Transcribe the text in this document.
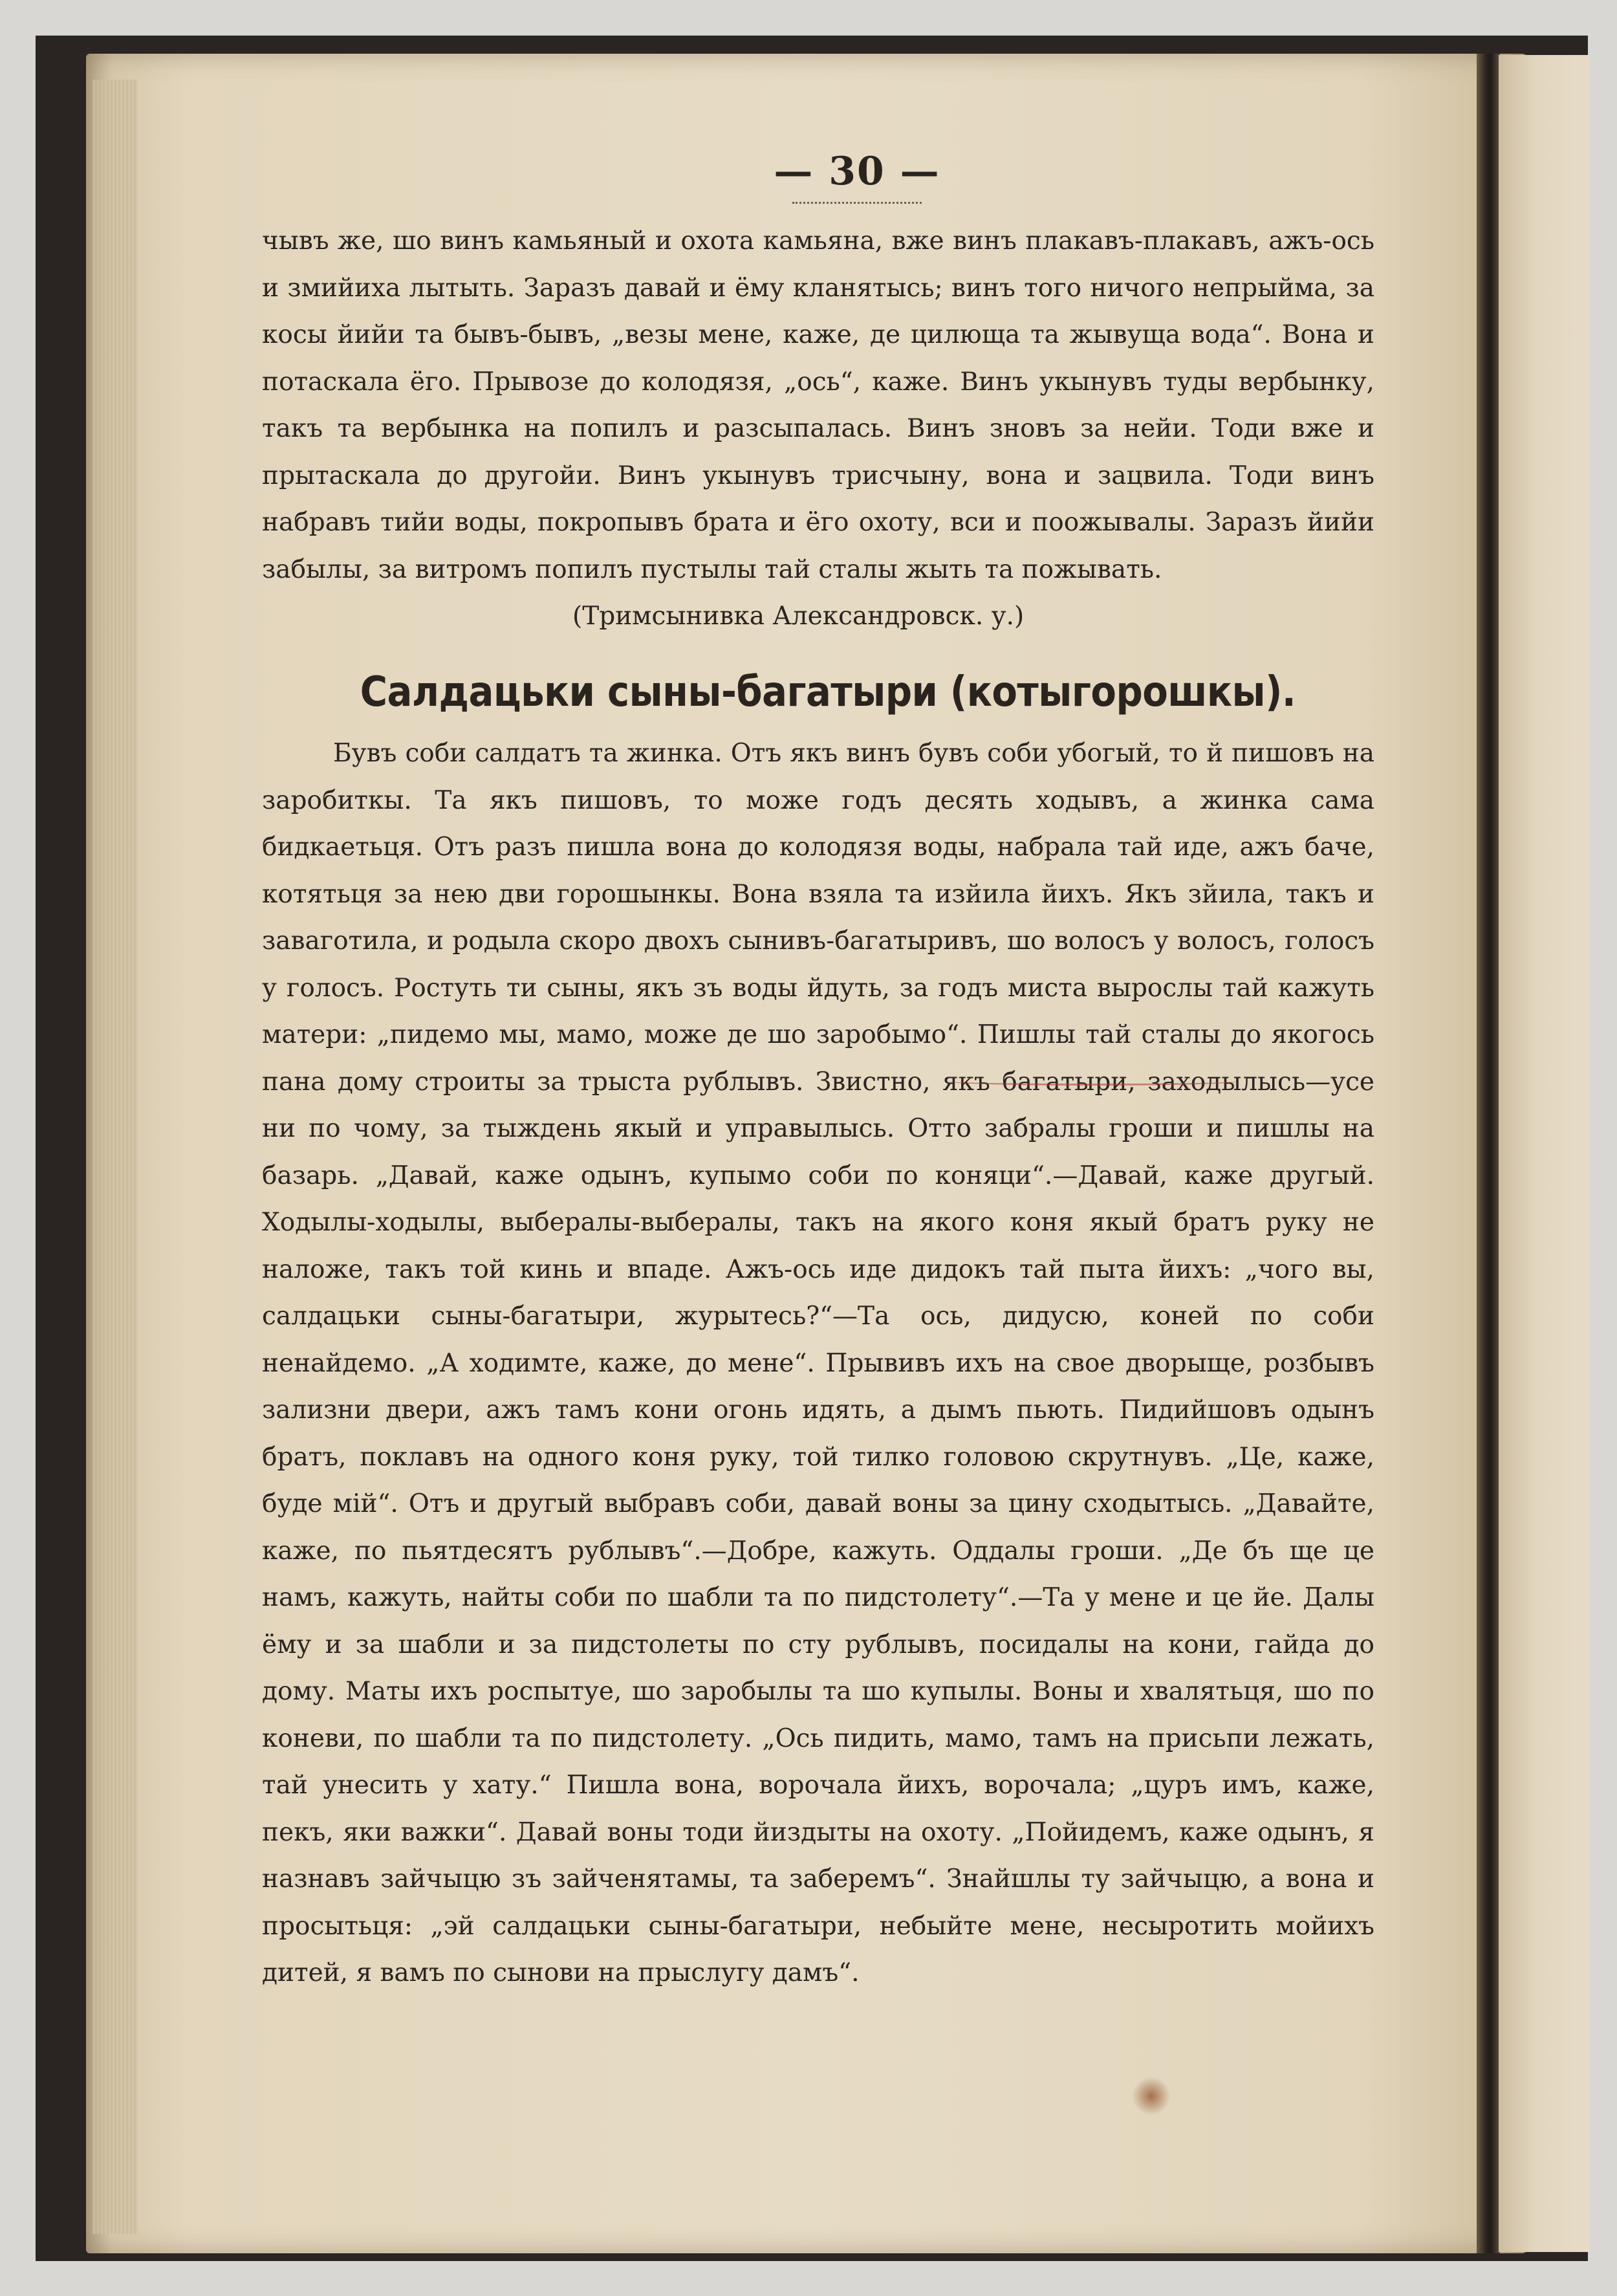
— 30 —

чывъ же, шо винъ камьяный и охота камьяна, вже винъ плакавъ-плакавъ, ажъ-ось и змийиха лытыть. Заразъ давай и ёму кланятысь; винъ того ничого непрыйма, за косы йийи та бывъ-бывъ, „везы мене, каже, де цилюща та жывуща вода“. Вона и потаскала ёго. Прывозе до колодязя, „ось“, каже. Винъ укынувъ туды вербынку, такъ та вербынка на попилъ и разсыпалась. Винъ зновъ за нейи. Тоди вже и прытаскала до другойи. Винъ укынувъ трисчыну, вона и зацвила. Тоди винъ набравъ тийи воды, покропывъ брата и ёго охоту, вси и поожывалы. Заразъ йийи забылы, за витромъ попилъ пустылы тай сталы жыть та пожывать.

(Тримсынивка Александровск. у.)
Салдацьки сыны-багатыри (котыгорошкы).

Бувъ соби салдатъ та жинка. Отъ якъ винъ бувъ соби убогый, то й пишовъ на заробиткы. Та якъ пишовъ, то може годъ десять ходывъ, а жинка сама бидкаетьця. Отъ разъ пишла вона до колодязя воды, набрала тай иде, ажъ баче, котятьця за нею дви горошынкы. Вона взяла та изйила йихъ. Якъ зйила, такъ и заваготила, и родыла скоро двохъ сынивъ-багатыривъ, шо волосъ у волосъ, голосъ у голосъ. Ростуть ти сыны, якъ зъ воды йдуть, за годъ миста вырослы тай кажуть матери: „пидемо мы, мамо, може де шо заробымо“. Пишлы тай сталы до якогось пана дому строиты за трыста рублывъ. Звистно, якъ багатыри, заходылысь—усе ни по чому, за тыждень якый и управылысь. Отто забралы гроши и пишлы на базарь. „Давай, каже одынъ, купымо соби по коняци“.—Давай, каже другый. Ходылы-ходылы, выбералы-выбералы, такъ на якого коня якый братъ руку не наложе, такъ той кинь и впаде. Ажъ-ось иде дидокъ тай пыта йихъ: „чого вы, салдацьки сыны-багатыри, журытесь?“—Та ось, дидусю, коней по соби ненайдемо. „А ходимте, каже, до мене“. Прывивъ ихъ на свое дворыще, розбывъ зализни двери, ажъ тамъ кони огонь идять, а дымъ пьють. Пидийшовъ одынъ братъ, поклавъ на одного коня руку, той тилко головою скрутнувъ. „Це, каже, буде мій“. Отъ и другый выбравъ соби, давай воны за цину сходытысь. „Давайте, каже, по пьятдесятъ рублывъ“.—Добре, кажуть. Оддалы гроши. „Де бъ ще це намъ, кажуть, найты соби по шабли та по пидстолету“.—Та у мене и це йе. Далы ёму и за шабли и за пидстолеты по сту рублывъ, посидалы на кони, гайда до дому. Маты ихъ роспытуе, шо заробылы та шо купылы. Воны и хвалятьця, шо по коневи, по шабли та по пидстолету. „Ось пидить, мамо, тамъ на присьпи лежать, тай унесить у хату.“ Пишла вона, ворочала йихъ, ворочала; „цуръ имъ, каже, пекъ, яки важки“. Давай воны тоди йиздыты на охоту. „Пойидемъ, каже одынъ, я назнавъ зайчыцю зъ зайченятамы, та заберемъ“. Знайшлы ту зайчыцю, а вона и просытьця: „эй салдацьки сыны-багатыри, небыйте мене, несыротить мойихъ дитей, я вамъ по сынови на прыслугу дамъ“.
